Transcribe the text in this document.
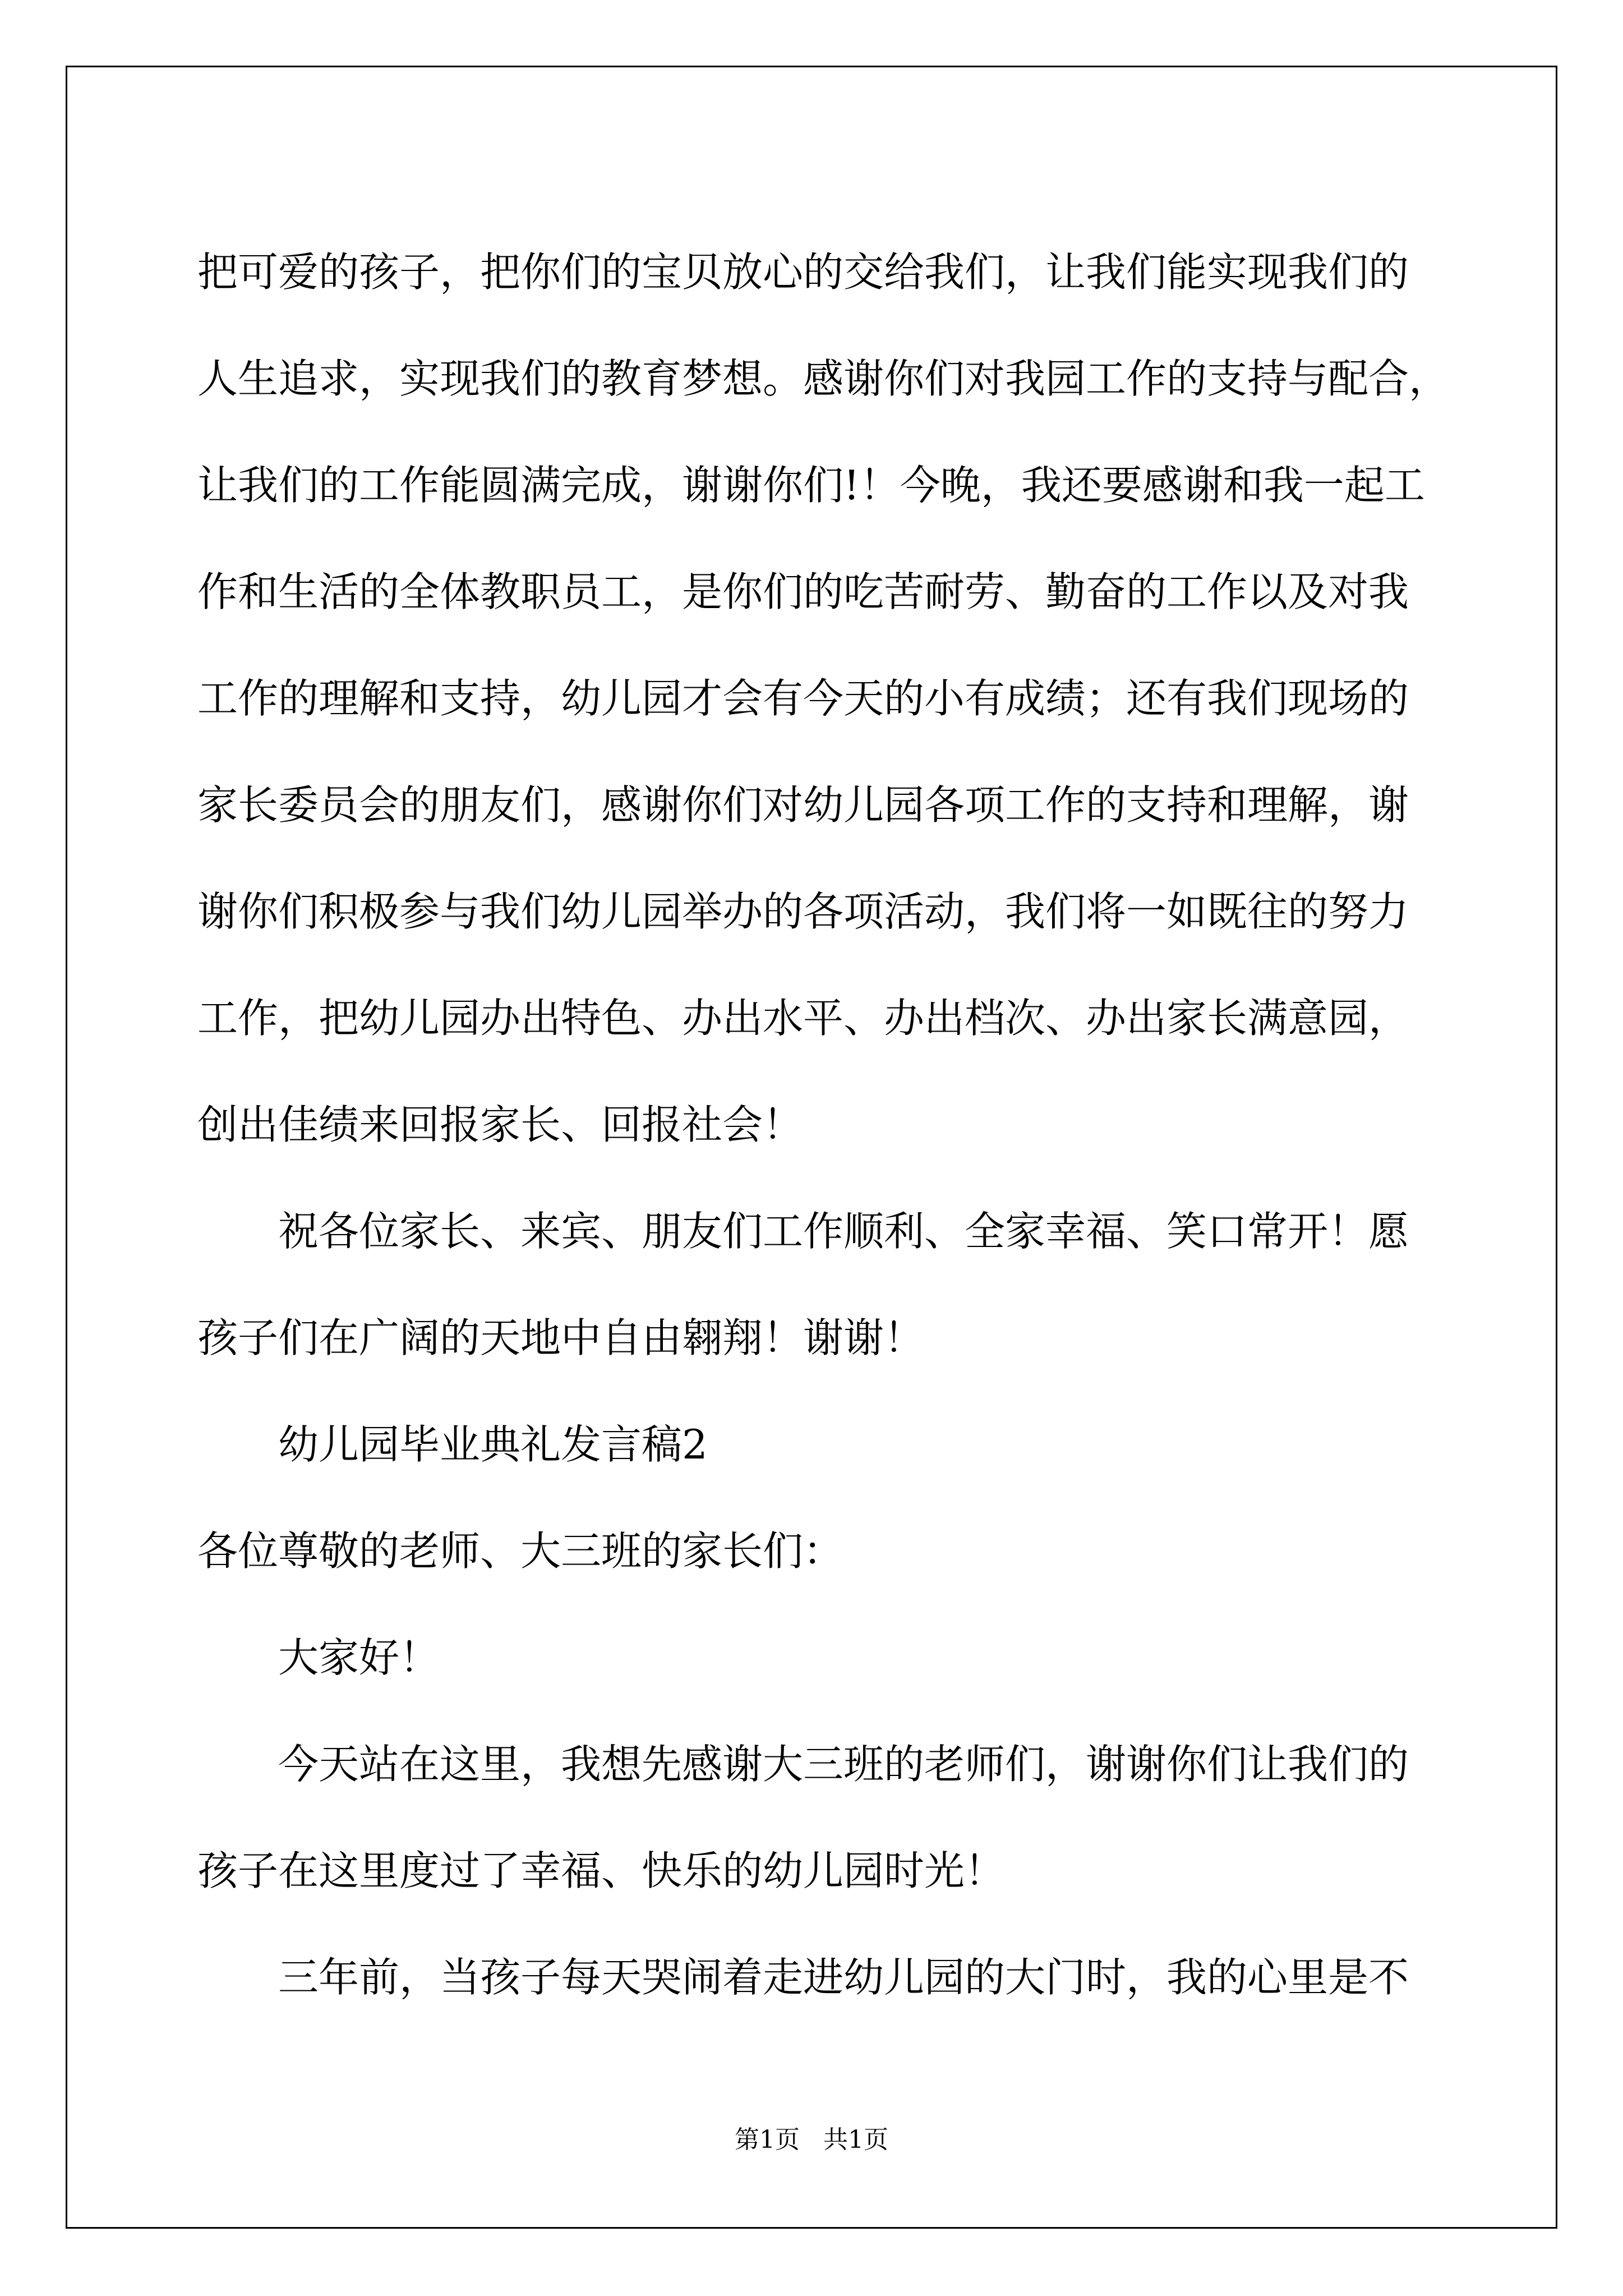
把可爱的孩子，把你们的宝贝放心的交给我们，让我们能实现我们的
人生追求，实现我们的教育梦想。感谢你们对我园工作的支持与配合，
让我们的工作能圆满完成，谢谢你们!！今晚，我还要感谢和我一起工
作和生活的全体教职员工，是你们的吃苦耐劳、勤奋的工作以及对我
工作的理解和支持，幼儿园才会有今天的小有成绩；还有我们现场的
家长委员会的朋友们，感谢你们对幼儿园各项工作的支持和理解，谢
谢你们积极参与我们幼儿园举办的各项活动，我们将一如既往的努力
工作，把幼儿园办出特色、办出水平、办出档次、办出家长满意园，
创出佳绩来回报家长、回报社会！
祝各位家长、来宾、朋友们工作顺利、全家幸福、笑口常开！愿
孩子们在广阔的天地中自由翱翔！谢谢！
幼儿园毕业典礼发言稿2
各位尊敬的老师、大三班的家长们：
大家好！
今天站在这里，我想先感谢大三班的老师们，谢谢你们让我们的
孩子在这里度过了幸福、快乐的幼儿园时光！
三年前，当孩子每天哭闹着走进幼儿园的大门时，我的心里是不
第1页   共1页
